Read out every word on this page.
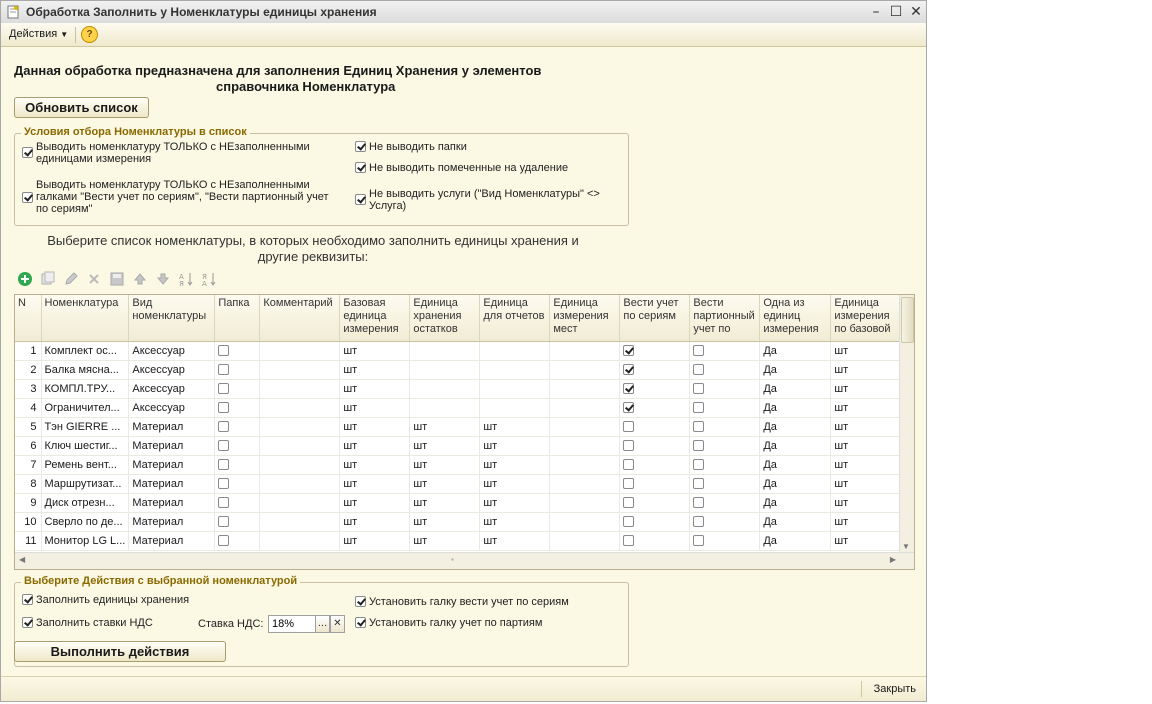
Обработка Заполнить у Номенклатуры единицы хранения	– ☐ ✕
Действия ▼	?
Данная обработка предназначена для заполнения Единиц Хранения у элементов
справочника Номенклатура
Обновить список
Условия отбора Номенклатуры в список
Выводить номенклатуру ТОЛЬКО с НЕзаполненными
единицами измерения
Выводить номенклатуру ТОЛЬКО с НЕзаполненными
галками "Вести учет по сериям", "Вести партионный учет
по сериям"
Не выводить папки
Не выводить помеченные на удаление
Не выводить услуги ("Вид Номенклатуры" <>
Услуга)
Выберите список номенклатуры, в которых необходимо заполнить единицы хранения и
другие реквизиты:
A
Я
Я
A
N	Номенклатура	Вид номенклатуры	Папка	Комментарий	Базовая единица измерения	Единица хранения остатков	Единица для отчетов	Единица измерения мест	Вести учет по сериям	Вести партионный учет по	Одна из единиц измерения	Единица измерения по базовой
1	Комплект ос...	Аксессуар			шт						Да	шт
2	Балка мясна...	Аксессуар			шт						Да	шт
3	КОМПЛ.ТРУ...	Аксессуар			шт						Да	шт
4	Ограничител...	Аксессуар			шт						Да	шт
5	Тэн GIERRE ...	Материал			шт	шт	шт				Да	шт
6	Ключ шестиг...	Материал			шт	шт	шт				Да	шт
7	Ремень вент...	Материал			шт	шт	шт				Да	шт
8	Маршрутизат...	Материал			шт	шт	шт				Да	шт
9	Диск отрезн...	Материал			шт	шт	шт				Да	шт
10	Сверло по де...	Материал			шт	шт	шт				Да	шт
11	Монитор LG L...	Материал			шт	шт	шт				Да	шт	▼
◀	▪	▶
Выберите Действия с выбранной номенклатурой
Заполнить единицы хранения
Заполнить ставки НДС	Ставка НДС:
18%	… ✕
Установить галку вести учет по сериям
Установить галку учет по партиям
Выполнить действия
Закрыть
